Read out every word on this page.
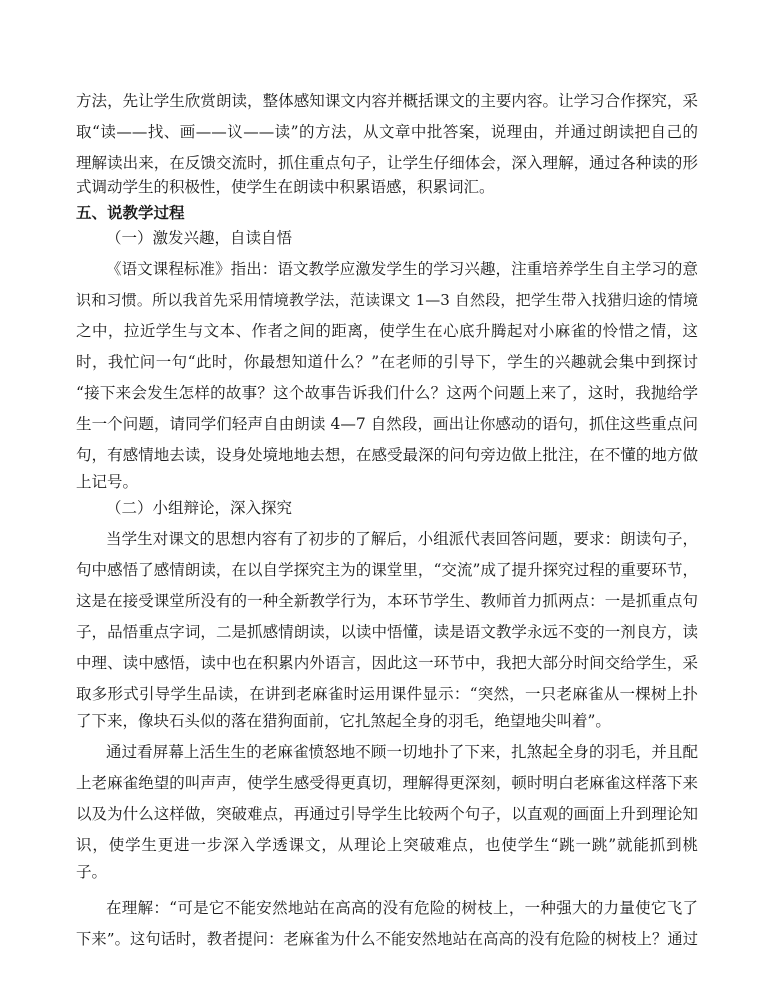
方法，先让学生欣赏朗读，整体感知课文内容并概括课文的主要内容。让学习合作探究，采
取“读——找、画——议——读”的方法，从文章中批答案，说理由，并通过朗读把自己的
理解读出来，在反馈交流时，抓住重点句子，让学生仔细体会，深入理解，通过各种读的形
式调动学生的积极性，使学生在朗读中积累语感，积累词汇。
五、说教学过程
（一）激发兴趣，自读自悟
《语文课程标准》指出：语文教学应激发学生的学习兴趣，注重培养学生自主学习的意
识和习惯。所以我首先采用情境教学法，范读课文 1—3 自然段，把学生带入找猎归途的情境
之中，拉近学生与文本、作者之间的距离，使学生在心底升腾起对小麻雀的怜惜之情，这
时，我忙问一句“此时，你最想知道什么？”在老师的引导下，学生的兴趣就会集中到探讨
“接下来会发生怎样的故事？这个故事告诉我们什么？这两个问题上来了，这时，我抛给学
生一个问题，请同学们轻声自由朗读 4—7 自然段，画出让你感动的语句，抓住这些重点问
句，有感情地去读，设身处境地地去想，在感受最深的问句旁边做上批注，在不懂的地方做
上记号。
（二）小组辩论，深入探究
当学生对课文的思想内容有了初步的了解后，小组派代表回答问题，要求：朗读句子，
句中感悟了感情朗读，在以自学探究主为的课堂里，“交流”成了提升探究过程的重要环节，
这是在接受课堂所没有的一种全新教学行为，本环节学生、教师首力抓两点：一是抓重点句
子，品悟重点字词，二是抓感情朗读，以读中悟懂，读是语文教学永远不变的一剂良方，读
中理、读中感悟，读中也在积累内外语言，因此这一环节中，我把大部分时间交给学生，采
取多形式引导学生品读，在讲到老麻雀时运用课件显示：“突然，一只老麻雀从一棵树上扑
了下来，像块石头似的落在猎狗面前，它扎煞起全身的羽毛，绝望地尖叫着”。
通过看屏幕上活生生的老麻雀愤怒地不顾一切地扑了下来，扎煞起全身的羽毛，并且配
上老麻雀绝望的叫声声，使学生感受得更真切，理解得更深刻，顿时明白老麻雀这样落下来
以及为什么这样做，突破难点，再通过引导学生比较两个句子，以直观的画面上升到理论知
识，使学生更进一步深入学透课文，从理论上突破难点，也使学生“跳一跳”就能抓到桃
子。
在理解：“可是它不能安然地站在高高的没有危险的树枝上，一种强大的力量使它飞了
下来”。这句话时，教者提问：老麻雀为什么不能安然地站在高高的没有危险的树枝上？通过
